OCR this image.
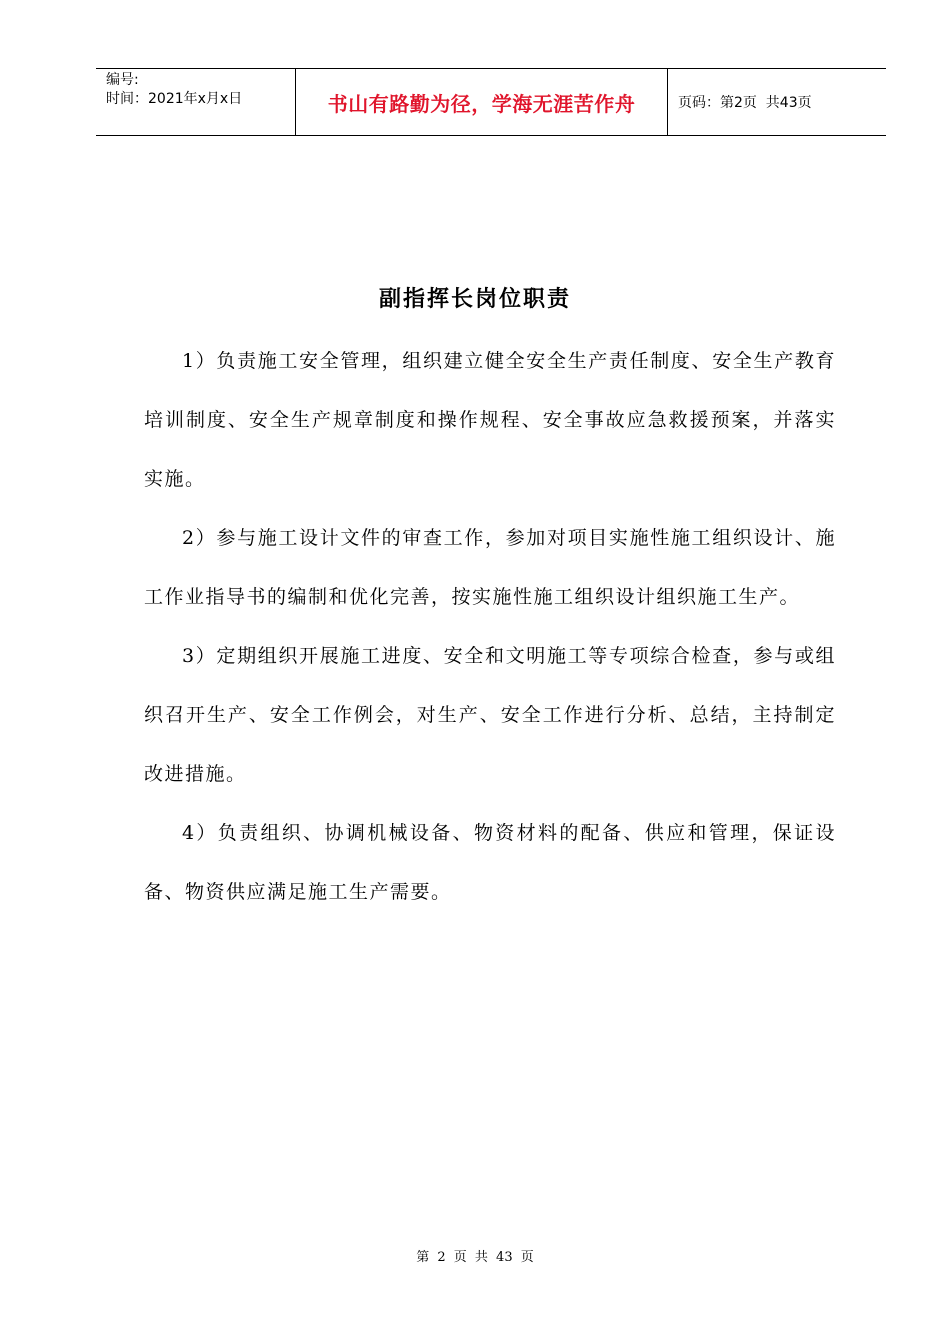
编号:
时间：2021年x月x日	书山有路勤为径，学海无涯苦作舟	页码：第2页  共43页
副指挥长岗位职责

1）负责施工安全管理，组织建立健全安全生产责任制度、安全生产教育培训制度、安全生产规章制度和操作规程、安全事故应急救援预案，并落实实施。

2）参与施工设计文件的审查工作，参加对项目实施性施工组织设计、施工作业指导书的编制和优化完善，按实施性施工组织设计组织施工生产。

3）定期组织开展施工进度、安全和文明施工等专项综合检查，参与或组织召开生产、安全工作例会，对生产、安全工作进行分析、总结，主持制定改进措施。

4）负责组织、协调机械设备、物资材料的配备、供应和管理，保证设备、物资供应满足施工生产需要。

第 2 页 共 43 页
